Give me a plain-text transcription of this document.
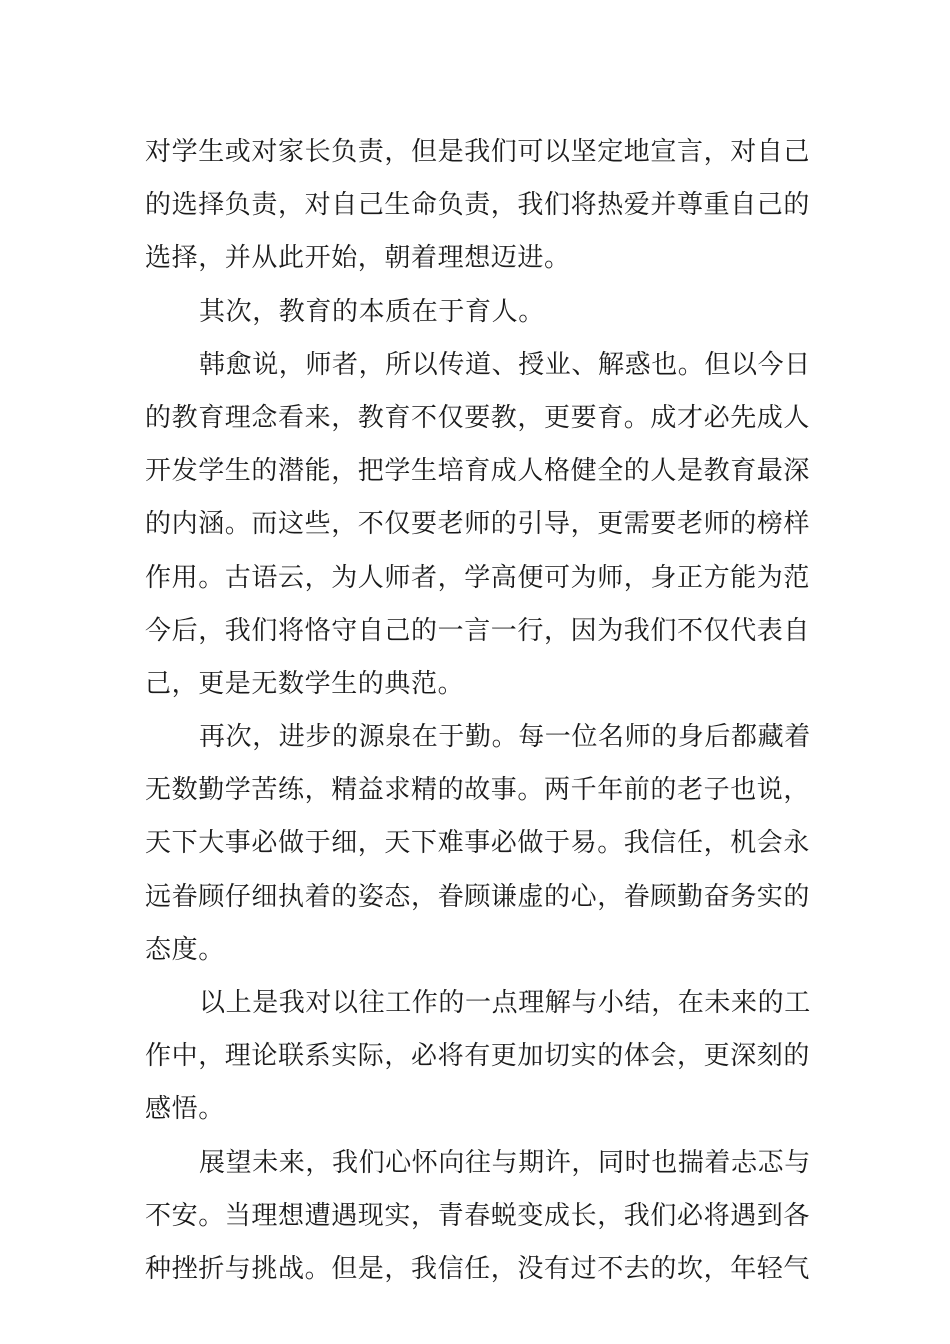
对学生或对家长负责，但是我们可以坚定地宣言，对自己
的选择负责，对自己生命负责，我们将热爱并尊重自己的
选择，并从此开始，朝着理想迈进。
其次，教育的本质在于育人。
韩愈说，师者，所以传道、授业、解惑也。但以今日
的教育理念看来，教育不仅要教，更要育。成才必先成人
开发学生的潜能，把学生培育成人格健全的人是教育最深
的内涵。而这些，不仅要老师的引导，更需要老师的榜样
作用。古语云，为人师者，学高便可为师，身正方能为范
今后，我们将恪守自己的一言一行，因为我们不仅代表自
己，更是无数学生的典范。
再次，进步的源泉在于勤。每一位名师的身后都藏着
无数勤学苦练，精益求精的故事。两千年前的老子也说，
天下大事必做于细，天下难事必做于易。我信任，机会永
远眷顾仔细执着的姿态，眷顾谦虚的心，眷顾勤奋务实的
态度。
以上是我对以往工作的一点理解与小结，在未来的工
作中，理论联系实际，必将有更加切实的体会，更深刻的
感悟。
展望未来，我们心怀向往与期许，同时也揣着忐忑与
不安。当理想遭遇现实，青春蜕变成长，我们必将遇到各
种挫折与挑战。但是，我信任，没有过不去的坎，年轻气
